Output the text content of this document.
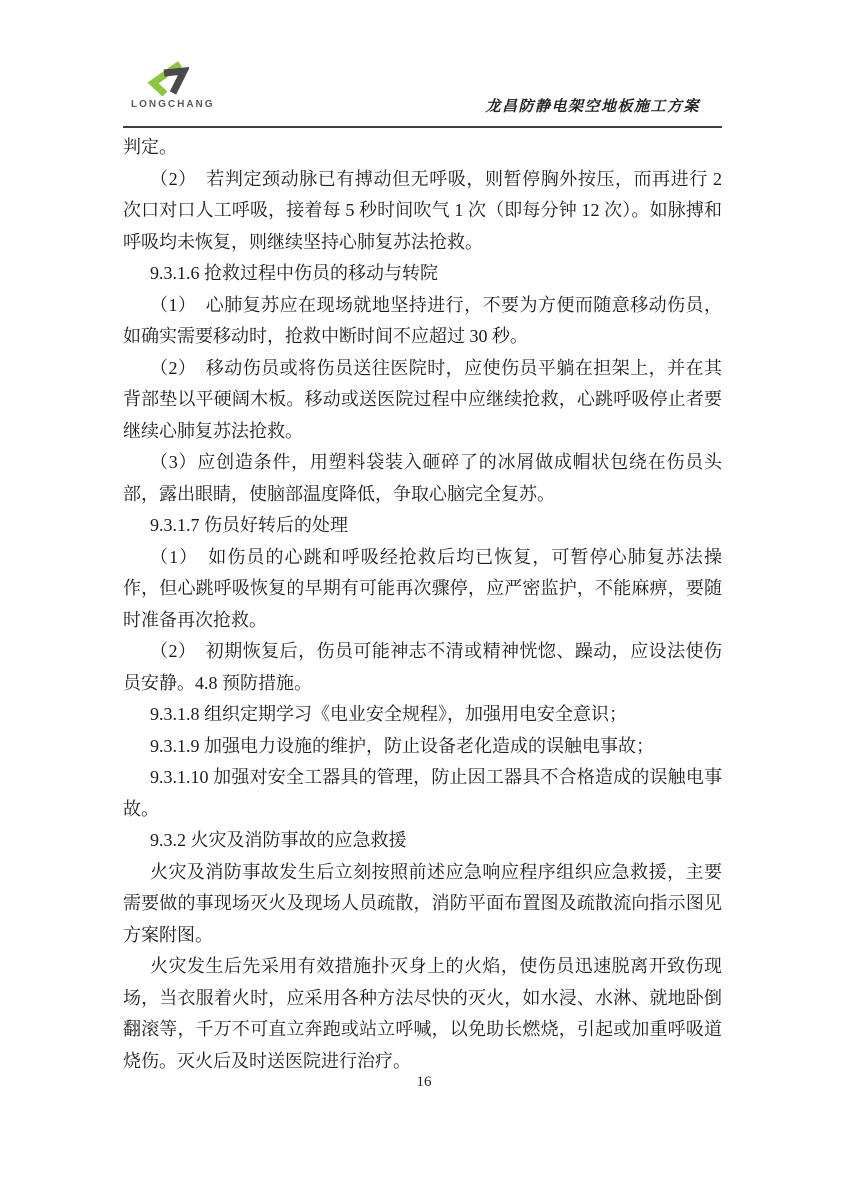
LONGCHANG	龙昌防静电架空地板施工方案

判定。

（2）　若判定颈动脉已有搏动但无呼吸，则暂停胸外按压，而再进行 2 次口对口人工呼吸，接着每 5 秒时间吹气 1 次（即每分钟 12 次）。如脉搏和呼吸均未恢复，则继续坚持心肺复苏法抢救。

9.3.1.6 抢救过程中伤员的移动与转院

（1）　心肺复苏应在现场就地坚持进行，不要为方便而随意移动伤员，如确实需要移动时，抢救中断时间不应超过 30 秒。

（2）　移动伤员或将伤员送往医院时，应使伤员平躺在担架上，并在其背部垫以平硬阔木板。移动或送医院过程中应继续抢救，心跳呼吸停止者要继续心肺复苏法抢救。

（3）应创造条件，用塑料袋装入砸碎了的冰屑做成帽状包绕在伤员头部，露出眼睛，使脑部温度降低，争取心脑完全复苏。

9.3.1.7 伤员好转后的处理

（1）　如伤员的心跳和呼吸经抢救后均已恢复，可暂停心肺复苏法操作，但心跳呼吸恢复的早期有可能再次骤停，应严密监护，不能麻痹，要随时准备再次抢救。

（2）　初期恢复后，伤员可能神志不清或精神恍惚、躁动，应设法使伤员安静。4.8 预防措施。

9.3.1.8 组织定期学习《电业安全规程》，加强用电安全意识；

9.3.1.9 加强电力设施的维护，防止设备老化造成的误触电事故；

9.3.1.10 加强对安全工器具的管理，防止因工器具不合格造成的误触电事故。

9.3.2 火灾及消防事故的应急救援

火灾及消防事故发生后立刻按照前述应急响应程序组织应急救援，主要需要做的事现场灭火及现场人员疏散，消防平面布置图及疏散流向指示图见方案附图。

火灾发生后先采用有效措施扑灭身上的火焰，使伤员迅速脱离开致伤现场，当衣服着火时，应采用各种方法尽快的灭火，如水浸、水淋、就地卧倒翻滚等，千万不可直立奔跑或站立呼喊，以免助长燃烧，引起或加重呼吸道烧伤。灭火后及时送医院进行治疗。

16
